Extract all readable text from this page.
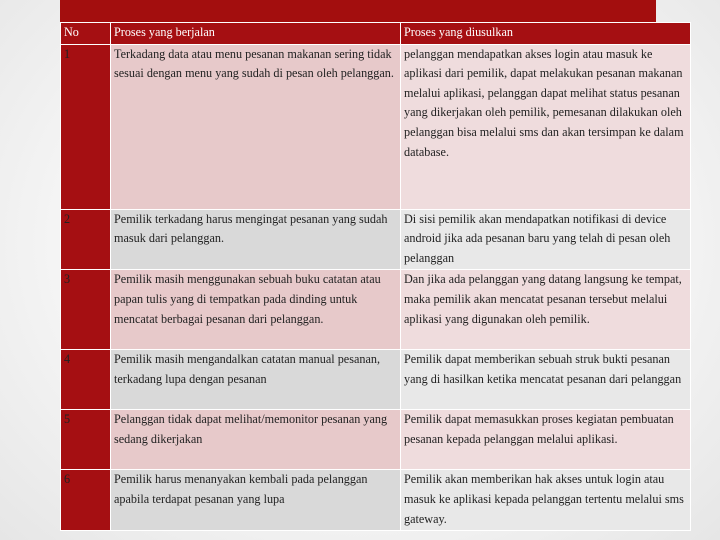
No	Proses yang berjalan	Proses yang diusulkan
1	Terkadang data atau menu pesanan makanan sering tidak sesuai dengan menu yang sudah di pesan oleh pelanggan.	pelanggan mendapatkan akses login atau masuk ke aplikasi dari pemilik, dapat melakukan pesanan makanan melalui aplikasi, pelanggan dapat melihat status pesanan yang dikerjakan oleh pemilik, pemesanan dilakukan oleh pelanggan bisa melalui sms dan akan tersimpan ke dalam database.

2	Pemilik terkadang harus mengingat pesanan yang sudah masuk dari pelanggan.	Di sisi pemilik akan mendapatkan notifikasi di device android jika ada pesanan baru yang telah di pesan oleh pelanggan

3	Pemilik masih menggunakan sebuah buku catatan atau papan tulis yang di tempatkan pada dinding untuk mencatat berbagai pesanan dari pelanggan.	Dan jika ada pelanggan yang datang langsung ke tempat, maka pemilik akan mencatat pesanan tersebut melalui aplikasi yang digunakan oleh pemilik.

4	Pemilik masih mengandalkan catatan manual pesanan, terkadang lupa dengan pesanan	Pemilik dapat memberikan sebuah struk bukti pesanan yang di hasilkan ketika mencatat pesanan dari pelanggan

5	Pelanggan tidak dapat melihat/memonitor pesanan yang sedang dikerjakan	Pemilik dapat memasukkan proses kegiatan pembuatan pesanan kepada pelanggan melalui aplikasi.

6	Pemilik harus menanyakan kembali pada pelanggan apabila terdapat pesanan yang lupa	Pemilik akan memberikan hak akses untuk login atau masuk ke aplikasi kepada pelanggan tertentu melalui sms gateway.
